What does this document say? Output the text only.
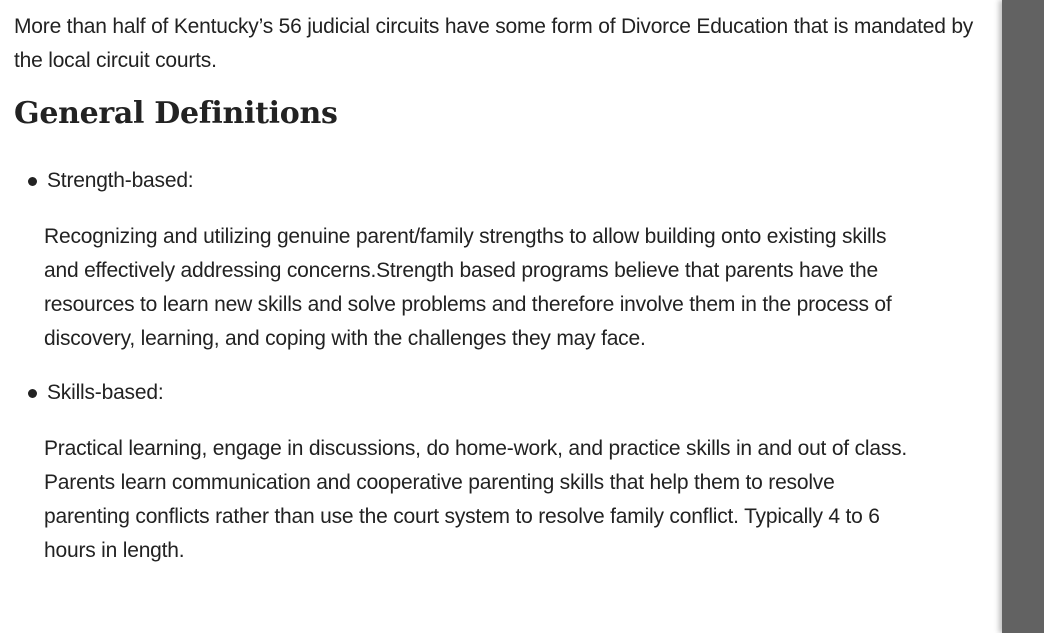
More than half of Kentucky’s 56 judicial circuits have some form of Divorce Education that is mandated by the local circuit courts.

General Definitions
Strength-based:

Recognizing and utilizing genuine parent/family strengths to allow building onto existing skills and effectively addressing concerns.Strength based programs believe that parents have the resources to learn new skills and solve problems and therefore involve them in the process of discovery, learning, and coping with the challenges they may face.

Skills-based:

Practical learning, engage in discussions, do home-work, and practice skills in and out of class. Parents learn communication and cooperative parenting skills that help them to resolve parenting conflicts rather than use the court system to resolve family conflict. Typically 4 to 6 hours in length.
